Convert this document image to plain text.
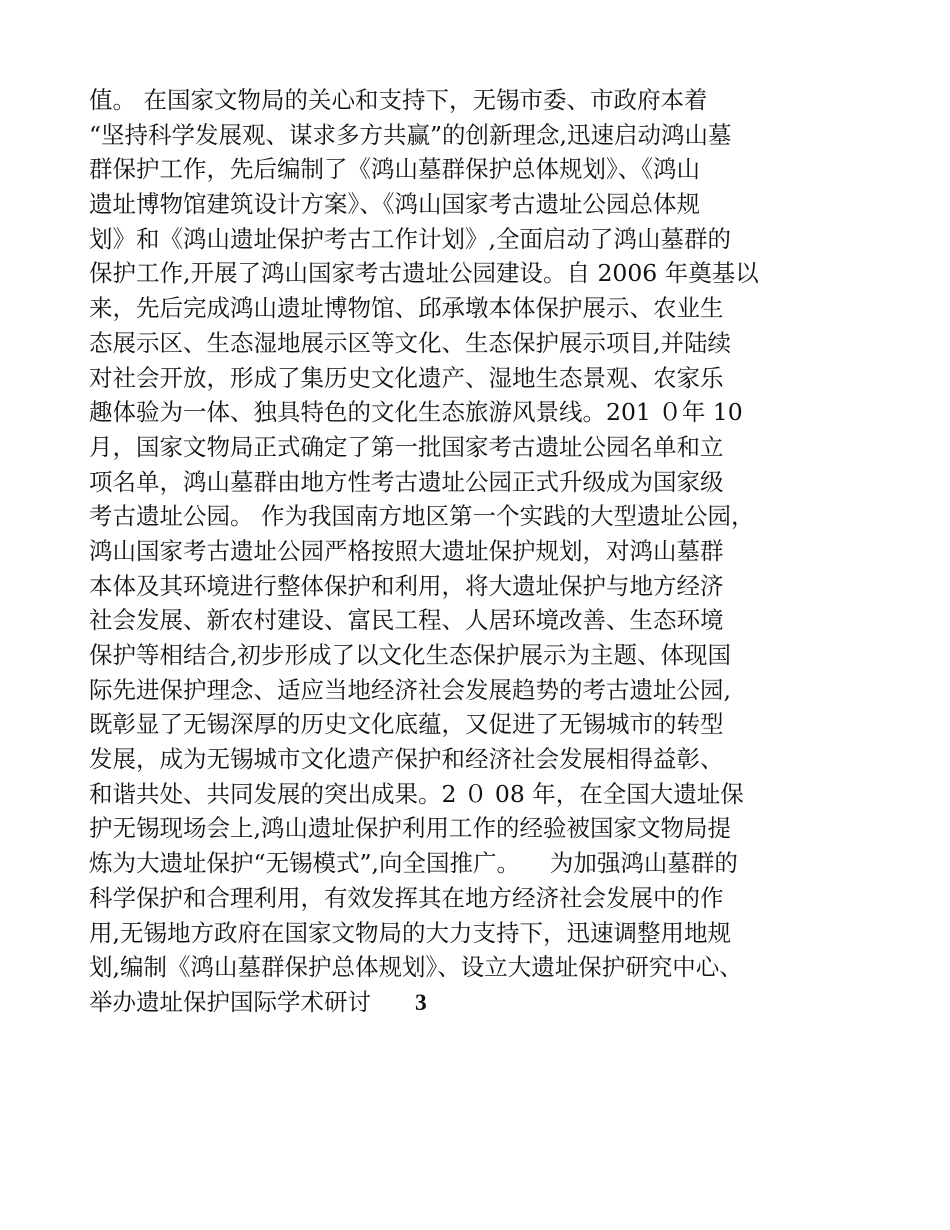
值。 在国家文物局的关心和支持下，无锡市委、市政府本着
“坚持科学发展观、谋求多方共赢”的创新理念,迅速启动鸿山墓
群保护工作，先后编制了《鸿山墓群保护总体规划》、《鸿山
遗址博物馆建筑设计方案》、《鸿山国家考古遗址公园总体规
划》和《鸿山遗址保护考古工作计划》,全面启动了鸿山墓群的
保护工作,开展了鸿山国家考古遗址公园建设。自 2006 年奠基以
来，先后完成鸿山遗址博物馆、邱承墩本体保护展示、农业生
态展示区、生态湿地展示区等文化、生态保护展示项目,并陆续
对社会开放，形成了集历史文化遗产、湿地生态景观、农家乐
趣体验为一体、独具特色的文化生态旅游风景线。201 ０年 10
月，国家文物局正式确定了第一批国家考古遗址公园名单和立
项名单，鸿山墓群由地方性考古遗址公园正式升级成为国家级
考古遗址公园。 作为我国南方地区第一个实践的大型遗址公园，
鸿山国家考古遗址公园严格按照大遗址保护规划，对鸿山墓群
本体及其环境进行整体保护和利用，将大遗址保护与地方经济
社会发展、新农村建设、富民工程、人居环境改善、生态环境
保护等相结合,初步形成了以文化生态保护展示为主题、体现国
际先进保护理念、适应当地经济社会发展趋势的考古遗址公园,
既彰显了无锡深厚的历史文化底蕴，又促进了无锡城市的转型
发展，成为无锡城市文化遗产保护和经济社会发展相得益彰、
和谐共处、共同发展的突出成果。2 ０ 08 年，在全国大遗址保
护无锡现场会上,鸿山遗址保护利用工作的经验被国家文物局提
炼为大遗址保护“无锡模式”,向全国推广。    为加强鸿山墓群的
科学保护和合理利用，有效发挥其在地方经济社会发展中的作
用,无锡地方政府在国家文物局的大力支持下，迅速调整用地规
划,编制《鸿山墓群保护总体规划》、设立大遗址保护研究中心、
举办遗址保护国际学术研讨 3
